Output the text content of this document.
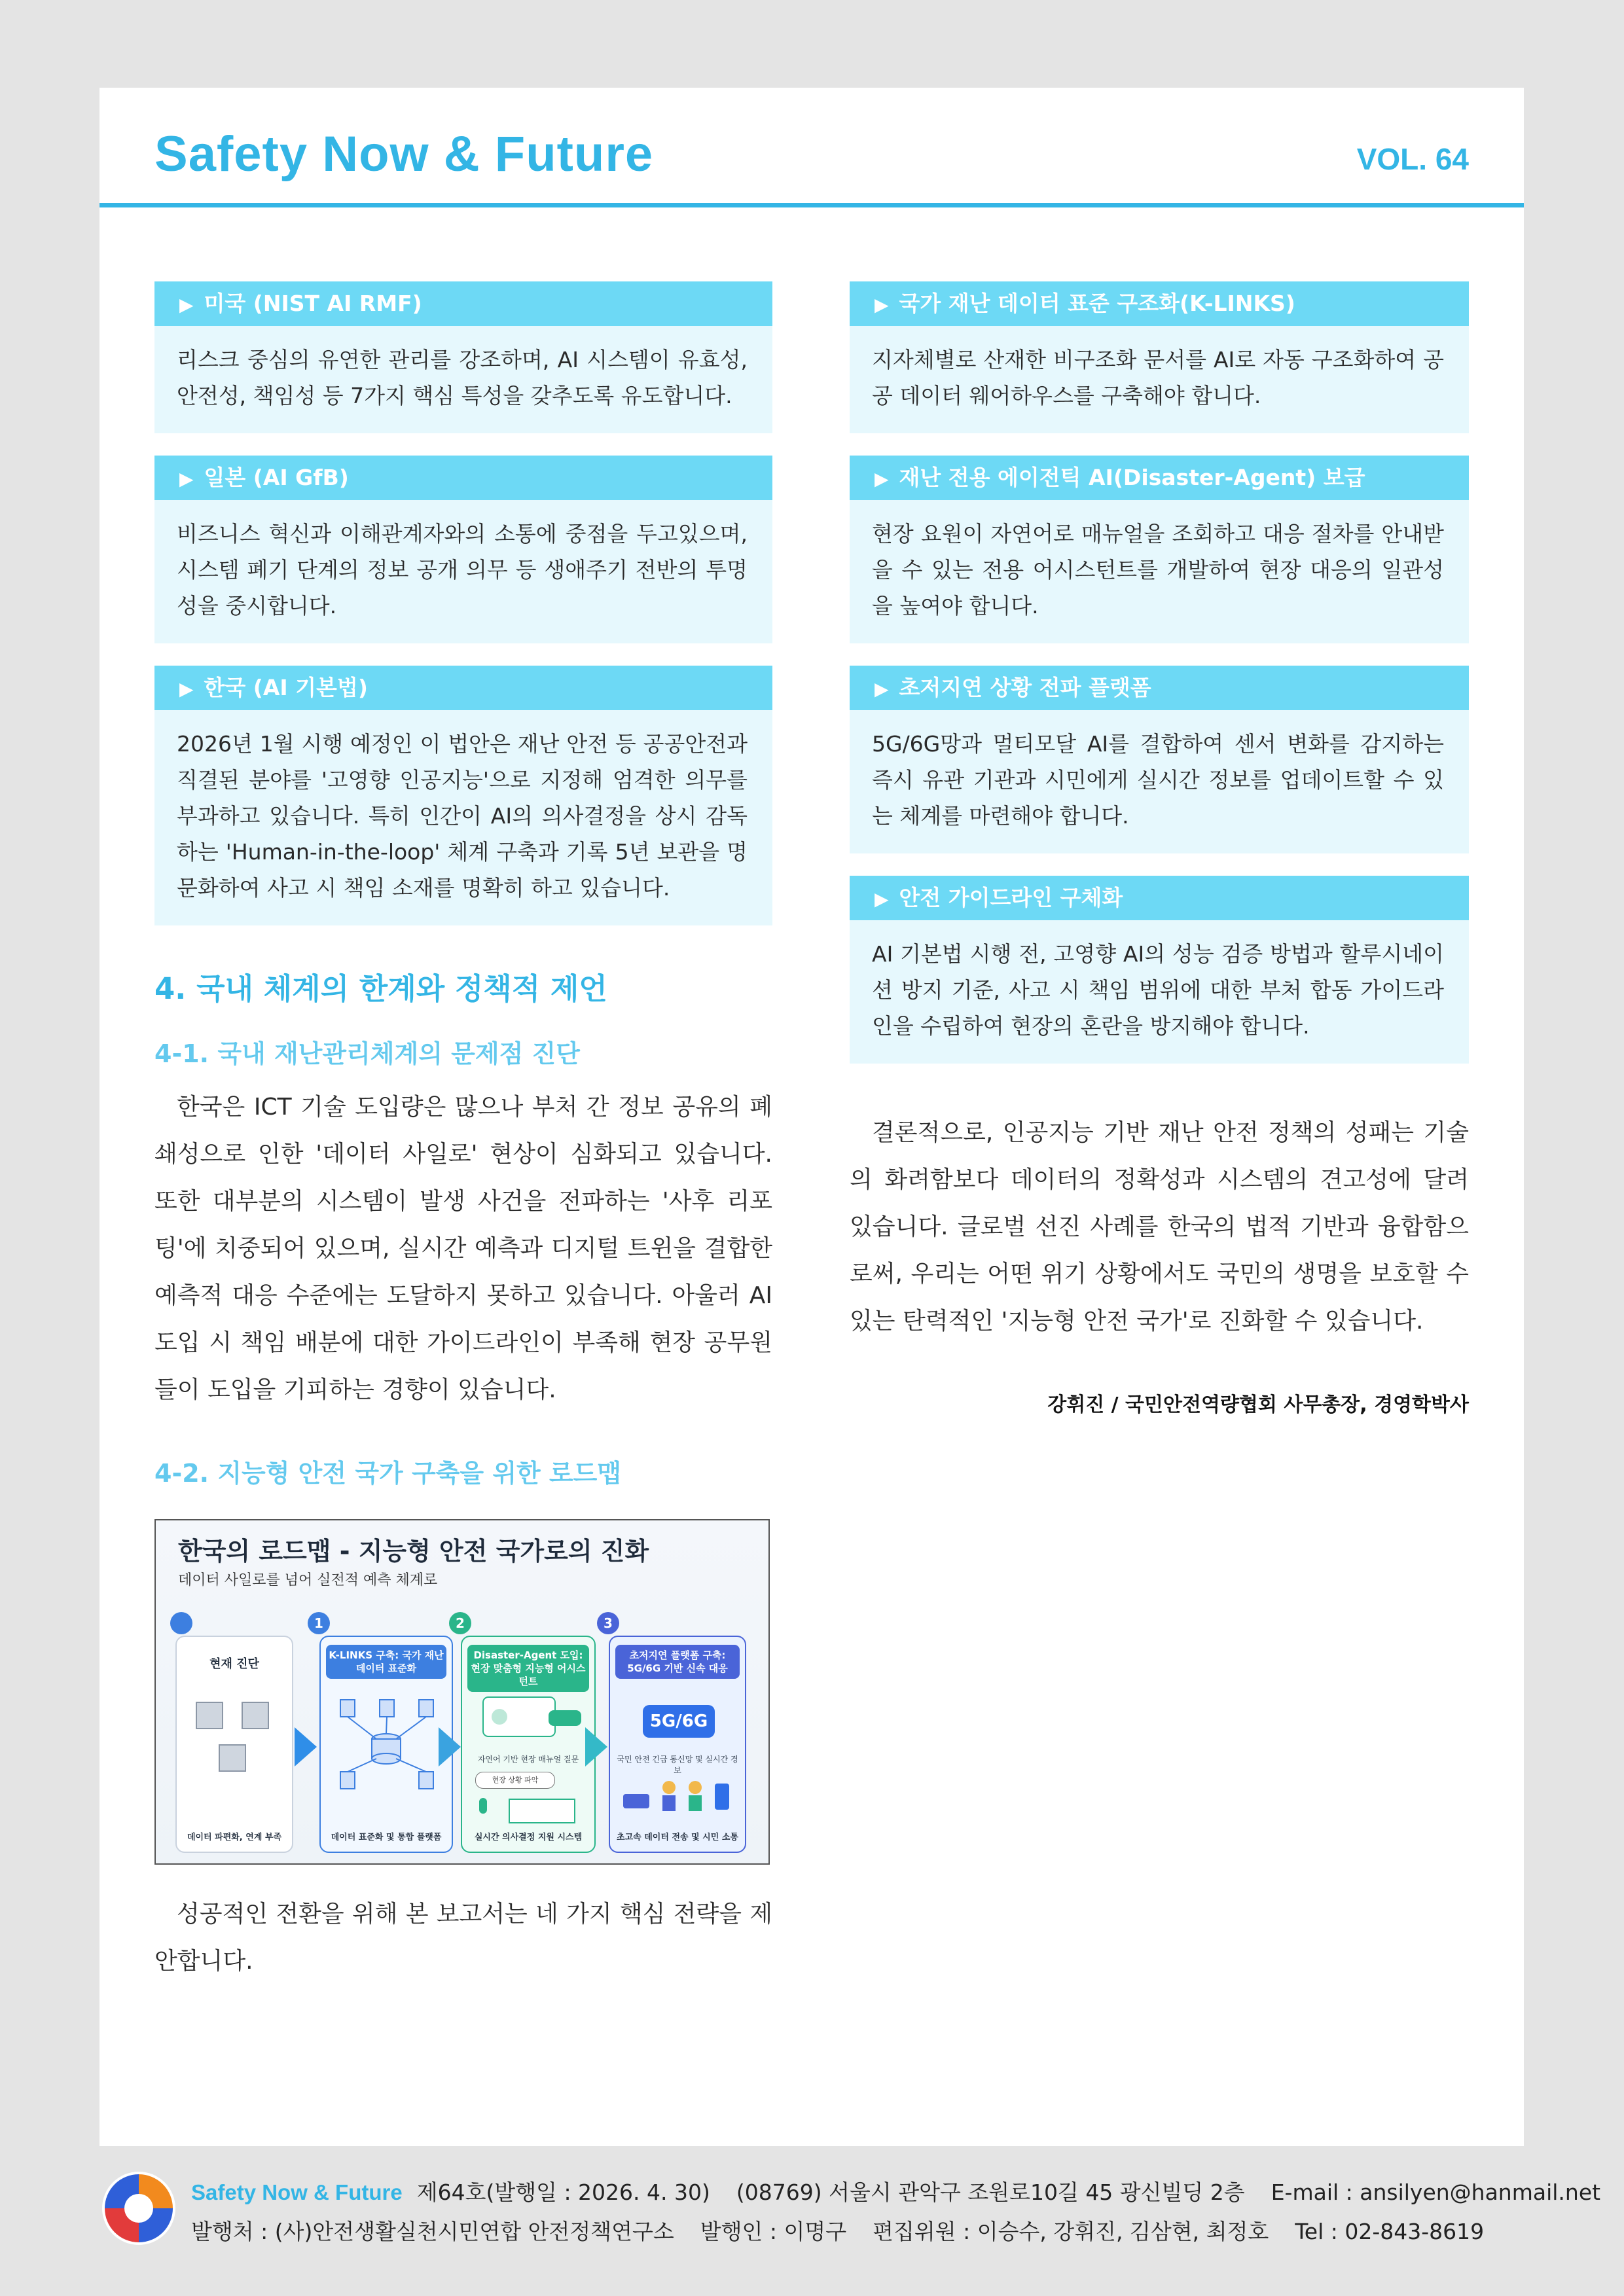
Safety Now & Future	VOL. 64
▶ 미국 (NIST AI RMF)
리스크 중심의 유연한 관리를 강조하며, AI 시스템이 유효성, 안전성, 책임성 등 7가지 핵심 특성을 갖추도록 유도합니다.
▶ 일본 (AI GfB)
비즈니스 혁신과 이해관계자와의 소통에 중점을 두고있으며, 시스템 폐기 단계의 정보 공개 의무 등 생애주기 전반의 투명성을 중시합니다.
▶ 한국 (AI 기본법)
2026년 1월 시행 예정인 이 법안은 재난 안전 등 공공안전과 직결된 분야를 '고영향 인공지능'으로 지정해 엄격한 의무를 부과하고 있습니다. 특히 인간이 AI의 의사결정을 상시 감독하는 'Human-in-the-loop' 체계 구축과 기록 5년 보관을 명문화하여 사고 시 책임 소재를 명확히 하고 있습니다.
4. 국내 체계의 한계와 정책적 제언
4-1. 국내 재난관리체계의 문제점 진단
한국은 ICT 기술 도입량은 많으나 부처 간 정보 공유의 폐쇄성으로 인한 '데이터 사일로' 현상이 심화되고 있습니다. 또한 대부분의 시스템이 발생 사건을 전파하는 '사후 리포팅'에 치중되어 있으며, 실시간 예측과 디지털 트윈을 결합한 예측적 대응 수준에는 도달하지 못하고 있습니다. 아울러 AI 도입 시 책임 배분에 대한 가이드라인이 부족해 현장 공무원들이 도입을 기피하는 경향이 있습니다.
4-2. 지능형 안전 국가 구축을 위한 로드맵
한국의 로드맵 - 지능형 안전 국가로의 진화
데이터 사일로를 넘어 실전적 예측 체계로
1	2	3
현재 진단
데이터 파편화, 연계 부족
K-LINKS 구축: 국가 재난 데이터 표준화
데이터 표준화 및 통합 플랫폼
Disaster-Agent 도입: 현장 맞춤형 지능형 어시스턴트
자연어 기반 현장 매뉴얼 질문
현장 상황 파악
실시간 의사결정 지원 시스템
초저지연 플랫폼 구축: 5G/6G 기반 신속 대응
5G/6G
국민 안전 긴급 통신망 및 실시간 경보
초고속 데이터 전송 및 시민 소통
성공적인 전환을 위해 본 보고서는 네 가지 핵심 전략을 제안합니다.
▶ 국가 재난 데이터 표준 구조화(K-LINKS)
지자체별로 산재한 비구조화 문서를 AI로 자동 구조화하여 공공 데이터 웨어하우스를 구축해야 합니다.
▶ 재난 전용 에이전틱 AI(Disaster-Agent) 보급
현장 요원이 자연어로 매뉴얼을 조회하고 대응 절차를 안내받을 수 있는 전용 어시스턴트를 개발하여 현장 대응의 일관성을 높여야 합니다.
▶ 초저지연 상황 전파 플랫폼
5G/6G망과 멀티모달 AI를 결합하여 센서 변화를 감지하는 즉시 유관 기관과 시민에게 실시간 정보를 업데이트할 수 있는 체계를 마련해야 합니다.
▶ 안전 가이드라인 구체화
AI 기본법 시행 전, 고영향 AI의 성능 검증 방법과 할루시네이션 방지 기준, 사고 시 책임 범위에 대한 부처 합동 가이드라인을 수립하여 현장의 혼란을 방지해야 합니다.
결론적으로, 인공지능 기반 재난 안전 정책의 성패는 기술의 화려함보다 데이터의 정확성과 시스템의 견고성에 달려 있습니다. 글로벌 선진 사례를 한국의 법적 기반과 융합함으로써, 우리는 어떤 위기 상황에서도 국민의 생명을 보호할 수 있는 탄력적인 '지능형 안전 국가'로 진화할 수 있습니다.
강휘진 / 국민안전역량협회 사무총장, 경영학박사
Safety Now & Future 제64호(발행일 : 2026. 4. 30) (08769) 서울시 관악구 조원로10길 45 광신빌딩 2층 E-mail : ansilyen@hanmail.net
발행처 : (사)안전생활실천시민연합 안전정책연구소 발행인 : 이명구 편집위원 : 이승수, 강휘진, 김삼현, 최정호 Tel : 02-843-8619
